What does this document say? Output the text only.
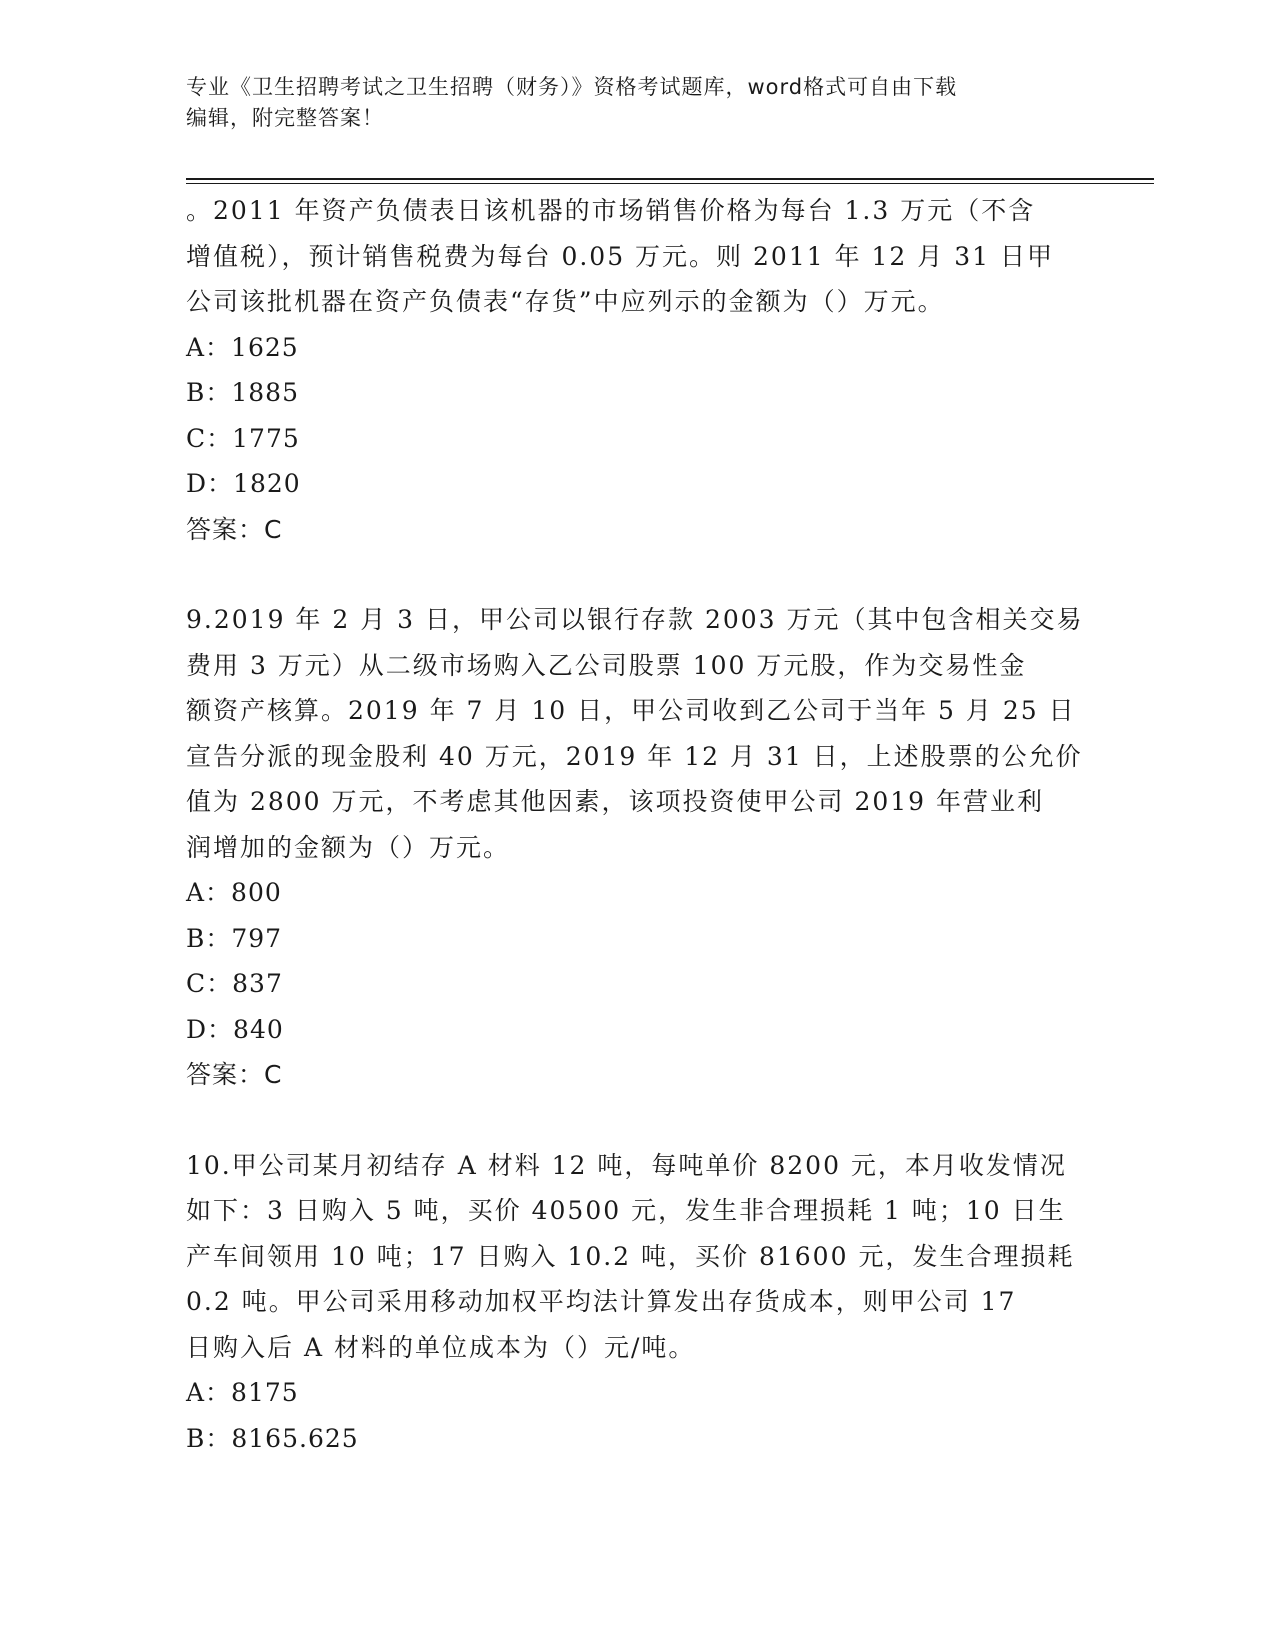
专业《卫生招聘考试之卫生招聘（财务）》资格考试题库，word格式可自由下载
编辑，附完整答案！

。2011 年资产负债表日该机器的市场销售价格为每台 1.3 万元（不含

增值税），预计销售税费为每台 0.05 万元。则 2011 年 12 月 31 日甲

公司该批机器在资产负债表“存货”中应列示的金额为（）万元。

A：1625

B：1885

C：1775

D：1820

答案：C

9.2019 年 2 月 3 日，甲公司以银行存款 2003 万元（其中包含相关交易

费用 3 万元）从二级市场购入乙公司股票 100 万元股，作为交易性金

额资产核算。2019 年 7 月 10 日，甲公司收到乙公司于当年 5 月 25 日

宣告分派的现金股利 40 万元，2019 年 12 月 31 日，上述股票的公允价

值为 2800 万元，不考虑其他因素，该项投资使甲公司 2019 年营业利

润增加的金额为（）万元。

A：800

B：797

C：837

D：840

答案：C

10.甲公司某月初结存 A 材料 12 吨，每吨单价 8200 元，本月收发情况

如下：3 日购入 5 吨，买价 40500 元，发生非合理损耗 1 吨；10 日生

产车间领用 10 吨；17 日购入 10.2 吨，买价 81600 元，发生合理损耗

0.2 吨。甲公司采用移动加权平均法计算发出存货成本，则甲公司 17

日购入后 A 材料的单位成本为（）元/吨。

A：8175

B：8165.625
